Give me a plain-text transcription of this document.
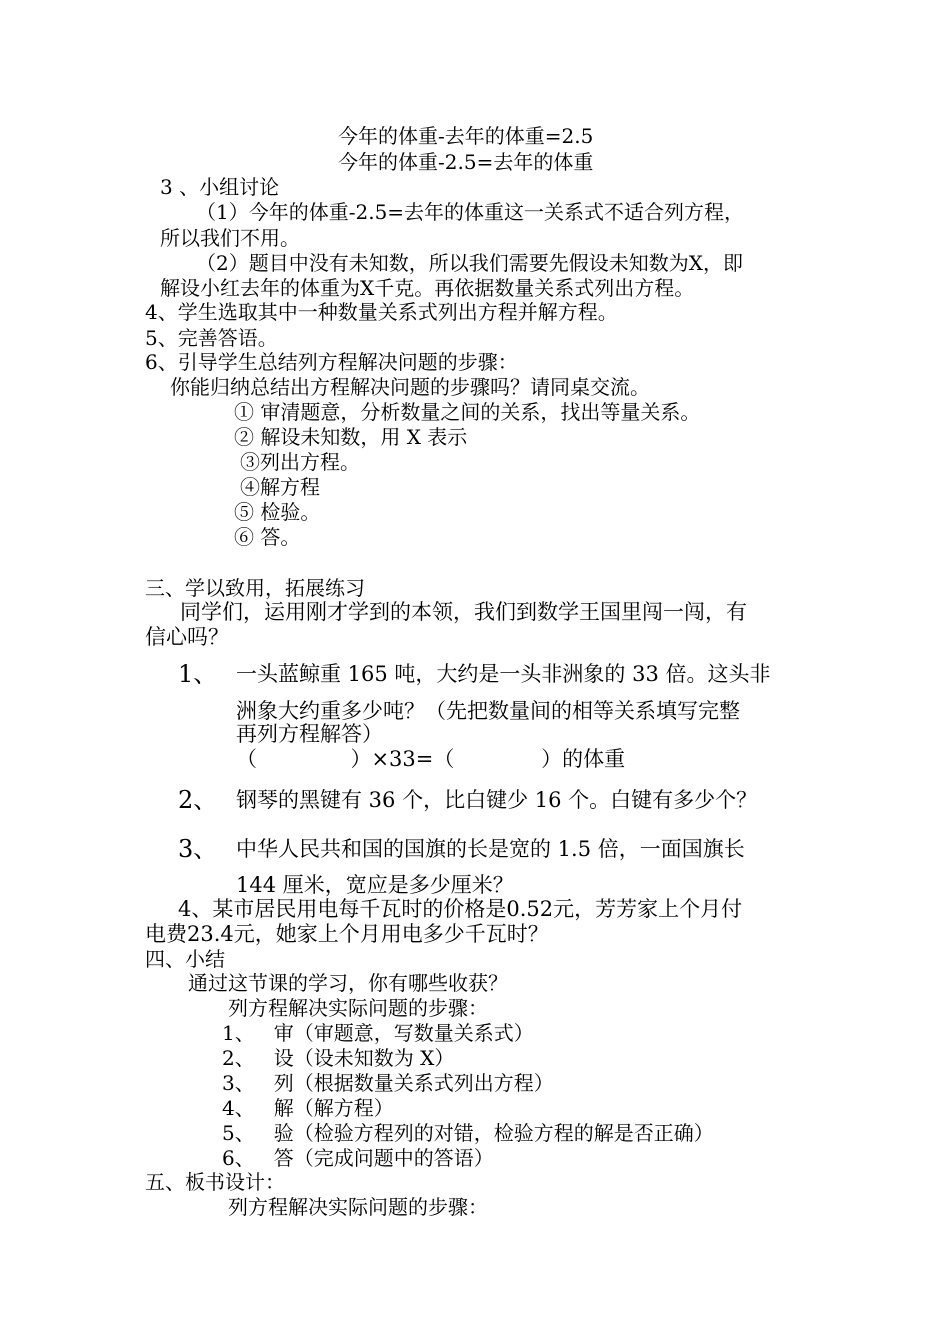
今年的体重-去年的体重=2.5
今年的体重-2.5=去年的体重
3 、小组讨论
（1）今年的体重-2.5=去年的体重这一关系式不适合列方程，
所以我们不用。
（2）题目中没有未知数，所以我们需要先假设未知数为X，即
解设小红去年的体重为X千克。再依据数量关系式列出方程。
4、学生选取其中一种数量关系式列出方程并解方程。
5、完善答语。
6、引导学生总结列方程解决问题的步骤：
你能归纳总结出方程解决问题的步骤吗？请同桌交流。
① 审清题意，分析数量之间的关系，找出等量关系。
② 解设未知数，用 X 表示
③列出方程。
④解方程
⑤ 检验。
⑥ 答。
三、学以致用，拓展练习
同学们，运用刚才学到的本领，我们到数学王国里闯一闯，有
信心吗？
1、 一头蓝鲸重 165 吨，大约是一头非洲象的 33 倍。这头非
洲象大约重多少吨？（先把数量间的相等关系填写完整
再列方程解答）
（              ）×33=（             ）的体重
2、 钢琴的黑键有 36 个，比白键少 16 个。白键有多少个？
3、 中华人民共和国的国旗的长是宽的 1.5 倍，一面国旗长
144 厘米，宽应是多少厘米？
4、某市居民用电每千瓦时的价格是0.52元，芳芳家上个月付
电费23.4元，她家上个月用电多少千瓦时？
四、小结
通过这节课的学习，你有哪些收获？
列方程解决实际问题的步骤：
1、   审（审题意，写数量关系式）
2、   设（设未知数为 X）
3、   列（根据数量关系式列出方程）
4、   解（解方程）
5、   验（检验方程列的对错，检验方程的解是否正确）
6、   答（完成问题中的答语）
五、板书设计：
列方程解决实际问题的步骤：
